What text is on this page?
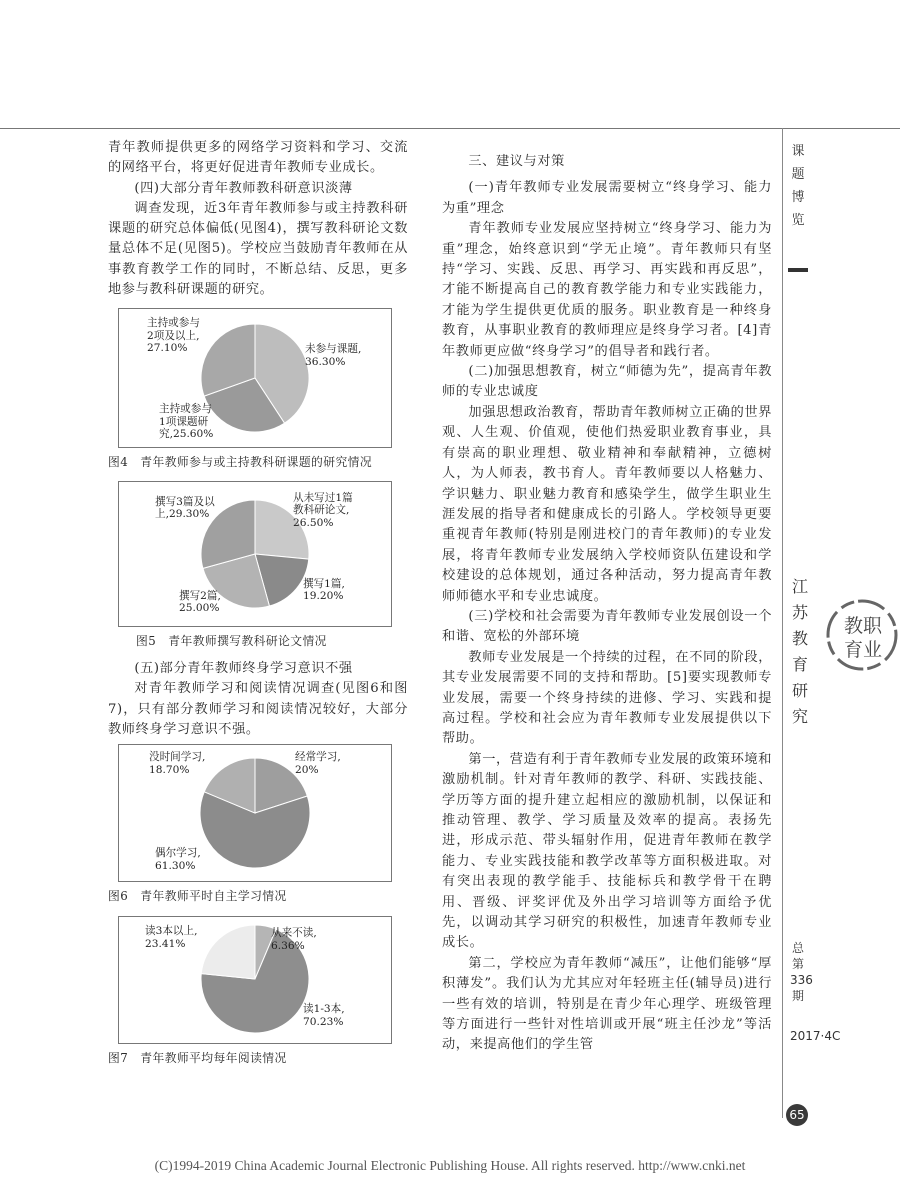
青年教师提供更多的网络学习资料和学习、交流的网络平台，将更好促进青年教师专业成长。

(四)大部分青年教师教科研意识淡薄

调查发现，近3年青年教师参与或主持教科研课题的研究总体偏低(见图4)，撰写教科研论文数量总体不足(见图5)。学校应当鼓励青年教师在从事教育教学工作的同时，不断总结、反思，更多地参与教科研课题的研究。

主持或参与
2项及以上,
27.10%	未参与课题,
36.30%
主持或参与
1项课题研
究,25.60%
图4　青年教师参与或主持教科研课题的研究情况
撰写3篇及以
上,29.30%
从未写过1篇
教科研论文,
26.50%
撰写1篇,
19.20%
撰写2篇,
25.00%
图5　青年教师撰写教科研论文情况

(五)部分青年教师终身学习意识不强

对青年教师学习和阅读情况调查(见图6和图7)，只有部分教师学习和阅读情况较好，大部分教师终身学习意识不强。

没时间学习,
18.70%
经常学习,
20%
偶尔学习,
61.30%
图6　青年教师平时自主学习情况
读3本以上,
23.41%
从来不读,
6.36%
读1-3本,
70.23%
图7　青年教师平均每年阅读情况

三、建议与对策

(一)青年教师专业发展需要树立“终身学习、能力为重”理念

青年教师专业发展应坚持树立“终身学习、能力为重”理念，始终意识到“学无止境”。青年教师只有坚持“学习、实践、反思、再学习、再实践和再反思”，才能不断提高自己的教育教学能力和专业实践能力，才能为学生提供更优质的服务。职业教育是一种终身教育，从事职业教育的教师理应是终身学习者。[4]青年教师更应做“终身学习”的倡导者和践行者。

(二)加强思想教育，树立“师德为先”，提高青年教师的专业忠诚度

加强思想政治教育，帮助青年教师树立正确的世界观、人生观、价值观，使他们热爱职业教育事业，具有崇高的职业理想、敬业精神和奉献精神，立德树人，为人师表，教书育人。青年教师要以人格魅力、学识魅力、职业魅力教育和感染学生，做学生职业生涯发展的指导者和健康成长的引路人。学校领导更要重视青年教师(特别是刚进校门的青年教师)的专业发展，将青年教师专业发展纳入学校师资队伍建设和学校建设的总体规划，通过各种活动，努力提高青年教师师德水平和专业忠诚度。

(三)学校和社会需要为青年教师专业发展创设一个和谐、宽松的外部环境

教师专业发展是一个持续的过程，在不同的阶段，其专业发展需要不同的支持和帮助。[5]要实现教师专业发展，需要一个终身持续的进修、学习、实践和提高过程。学校和社会应为青年教师专业发展提供以下帮助。

第一，营造有利于青年教师专业发展的政策环境和激励机制。针对青年教师的教学、科研、实践技能、学历等方面的提升建立起相应的激励机制，以保证和推动管理、教学、学习质量及效率的提高。表扬先进，形成示范、带头辐射作用，促进青年教师在教学能力、专业实践技能和教学改革等方面积极进取。对有突出表现的教学能手、技能标兵和教学骨干在聘用、晋级、评奖评优及外出学习培训等方面给予优先，以调动其学习研究的积极性，加速青年教师专业成长。

第二，学校应为青年教师“减压”，让他们能够“厚积薄发”。我们认为尤其应对年轻班主任(辅导员)进行一些有效的培训，特别是在青少年心理学、班级管理等方面进行一些针对性培训或开展“班主任沙龙”等活动，来提高他们的学生管

课题博览
江苏教育研究
教职
育业
总第336期
2017·4C
65
(C)1994-2019 China Academic Journal Electronic Publishing House. All rights reserved. http://www.cnki.net
